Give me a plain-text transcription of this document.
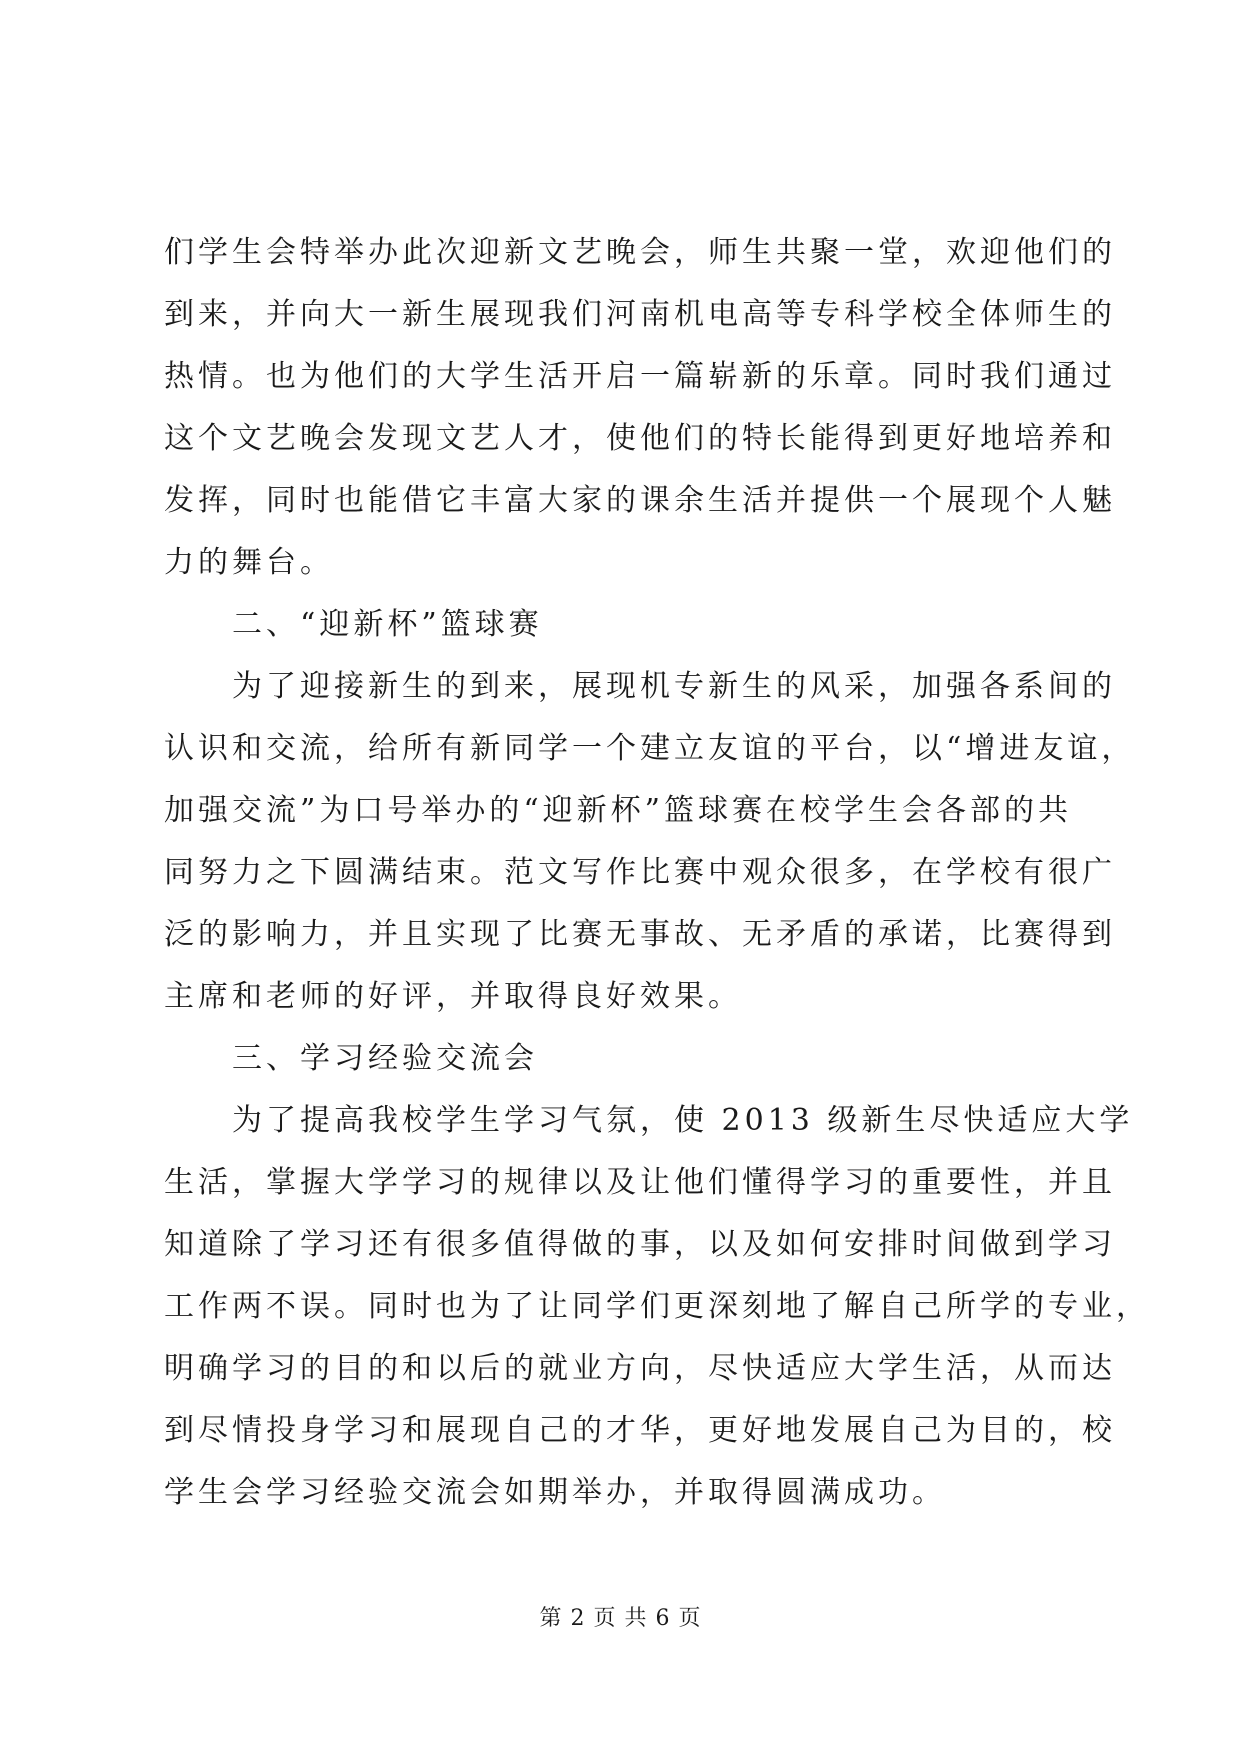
们学生会特举办此次迎新文艺晚会，师生共聚一堂，欢迎他们的
到来，并向大一新生展现我们河南机电高等专科学校全体师生的
热情。也为他们的大学生活开启一篇崭新的乐章。同时我们通过
这个文艺晚会发现文艺人才，使他们的特长能得到更好地培养和
发挥，同时也能借它丰富大家的课余生活并提供一个展现个人魅
力的舞台。
二、“迎新杯”篮球赛
为了迎接新生的到来，展现机专新生的风采，加强各系间的
认识和交流，给所有新同学一个建立友谊的平台，以“增进友谊，
加强交流”为口号举办的“迎新杯”篮球赛在校学生会各部的共
同努力之下圆满结束。范文写作比赛中观众很多，在学校有很广
泛的影响力，并且实现了比赛无事故、无矛盾的承诺，比赛得到
主席和老师的好评，并取得良好效果。
三、学习经验交流会
为了提高我校学生学习气氛，使 2013 级新生尽快适应大学
生活，掌握大学学习的规律以及让他们懂得学习的重要性，并且
知道除了学习还有很多值得做的事，以及如何安排时间做到学习
工作两不误。同时也为了让同学们更深刻地了解自己所学的专业，
明确学习的目的和以后的就业方向，尽快适应大学生活，从而达
到尽情投身学习和展现自己的才华，更好地发展自己为目的，校
学生会学习经验交流会如期举办，并取得圆满成功。
第 2 页 共 6 页
